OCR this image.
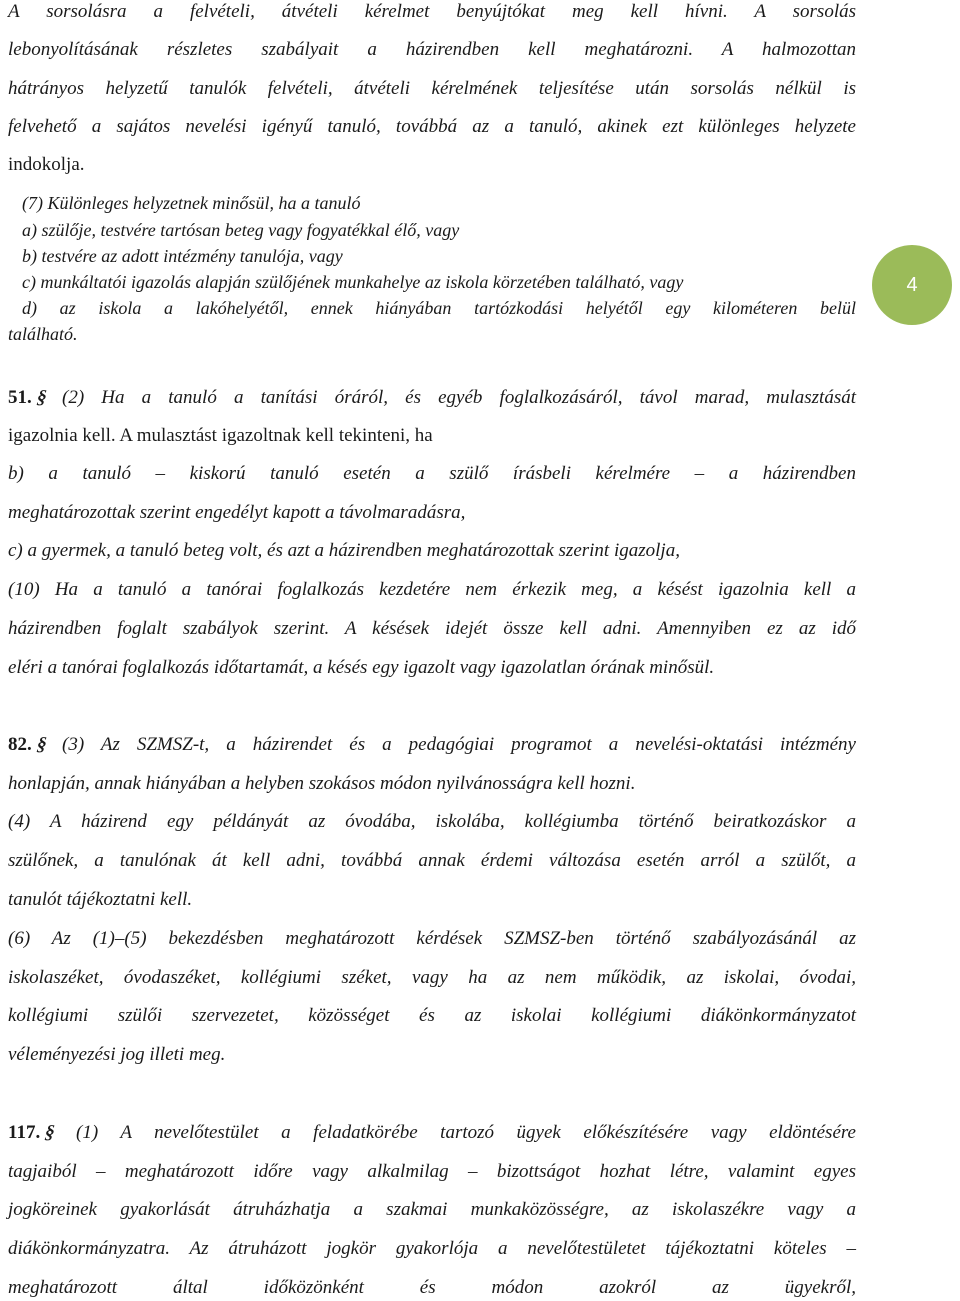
A sorsolásra a felvételi, átvételi kérelmet benyújtókat meg kell hívni. A sorsolás
lebonyolításának részletes szabályait a házirendben kell meghatározni. A halmozottan
hátrányos helyzetű tanulók felvételi, átvételi kérelmének teljesítése után sorsolás nélkül is
felvehető a sajátos nevelési igényű tanuló, továbbá az a tanuló, akinek ezt különleges helyzete
indokolja.
(7) Különleges helyzetnek minősül, ha a tanuló
a) szülője, testvére tartósan beteg vagy fogyatékkal élő, vagy
b) testvére az adott intézmény tanulója, vagy
c) munkáltatói igazolás alapján szülőjének munkahelye az iskola körzetében található, vagy
d) az iskola a lakóhelyétől, ennek hiányában tartózkodási helyétől egy kilométeren belül
található.
4
51. § (2) Ha a tanuló a tanítási óráról, és egyéb foglalkozásáról, távol marad, mulasztását
igazolnia kell. A mulasztást igazoltnak kell tekinteni, ha
b) a tanuló – kiskorú tanuló esetén a szülő írásbeli kérelmére – a házirendben
meghatározottak szerint engedélyt kapott a távolmaradásra,
c) a gyermek, a tanuló beteg volt, és azt a házirendben meghatározottak szerint igazolja,
(10) Ha a tanuló a tanórai foglalkozás kezdetére nem érkezik meg, a késést igazolnia kell a
házirendben foglalt szabályok szerint. A késések idejét össze kell adni. Amennyiben ez az idő
eléri a tanórai foglalkozás időtartamát, a késés egy igazolt vagy igazolatlan órának minősül.
82. § (3) Az SZMSZ-t, a házirendet és a pedagógiai programot a nevelési-oktatási intézmény
honlapján, annak hiányában a helyben szokásos módon nyilvánosságra kell hozni.
(4) A házirend egy példányát az óvodába, iskolába, kollégiumba történő beiratkozáskor a
szülőnek, a tanulónak át kell adni, továbbá annak érdemi változása esetén arról a szülőt, a
tanulót tájékoztatni kell.
(6) Az (1)–(5) bekezdésben meghatározott kérdések SZMSZ-ben történő szabályozásánál az
iskolaszéket, óvodaszéket, kollégiumi széket, vagy ha az nem működik, az iskolai, óvodai,
kollégiumi szülői szervezetet, közösséget és az iskolai kollégiumi diákönkormányzatot
véleményezési jog illeti meg.
117. §	(1) A nevelőtestület a feladatkörébe tartozó ügyek előkészítésére vagy eldöntésére
tagjaiból – meghatározott időre vagy alkalmilag – bizottságot hozhat létre, valamint egyes
jogköreinek gyakorlását átruházhatja a szakmai munkaközösségre, az iskolaszékre vagy a
diákönkormányzatra. Az átruházott jogkör gyakorlója a nevelőtestületet tájékoztatni köteles –
meghatározott által időközönként és módon azokról az ügyekről,
